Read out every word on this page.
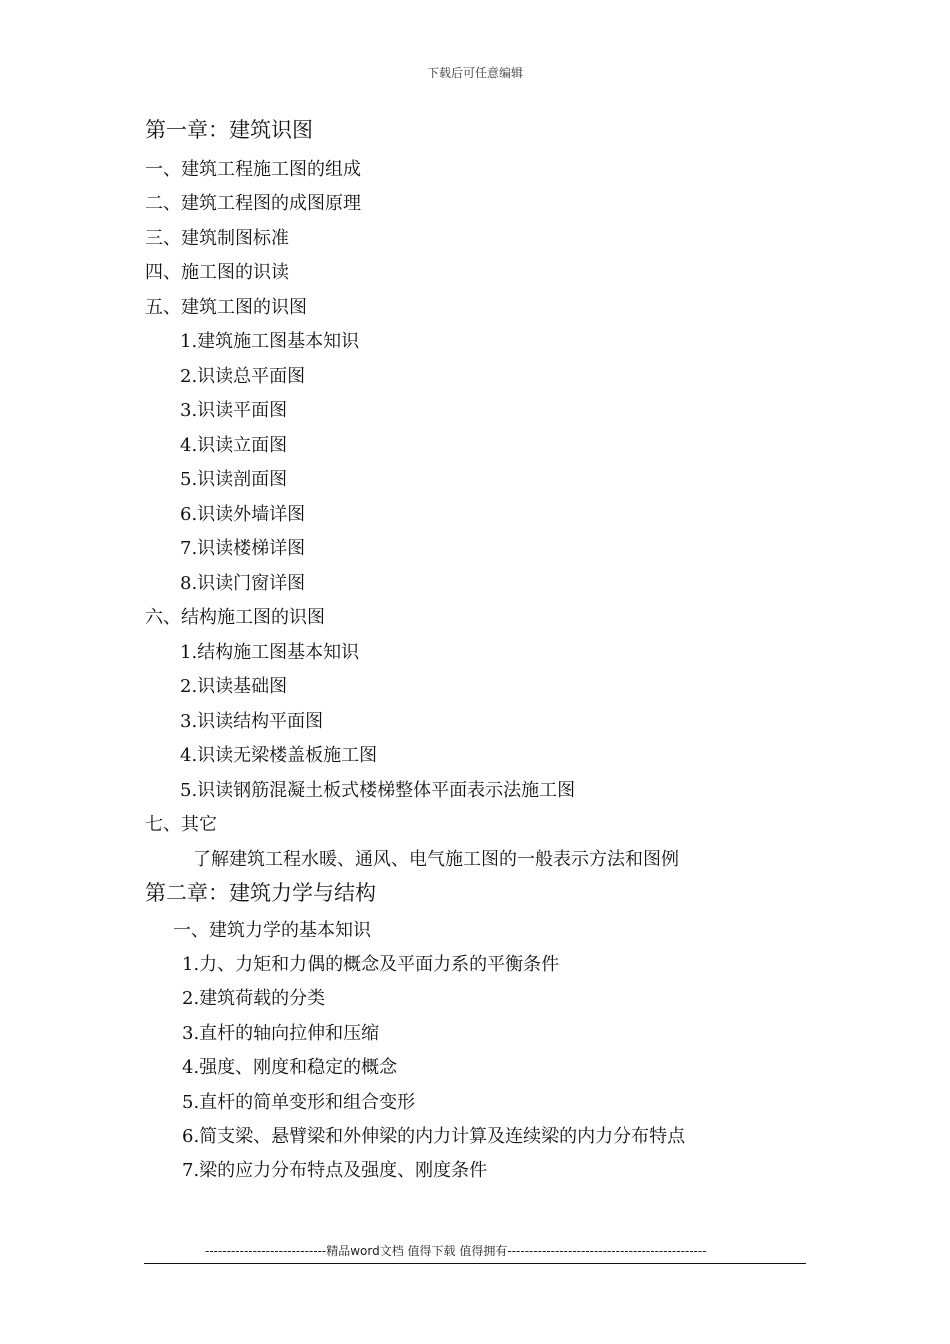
下载后可任意编辑
第一章：建筑识图
一、建筑工程施工图的组成
二、建筑工程图的成图原理
三、建筑制图标准
四、施工图的识读
五、建筑工图的识图
1.建筑施工图基本知识
2.识读总平面图
3.识读平面图
4.识读立面图
5.识读剖面图
6.识读外墙详图
7.识读楼梯详图
8.识读门窗详图
六、结构施工图的识图
1.结构施工图基本知识
2.识读基础图
3.识读结构平面图
4.识读无梁楼盖板施工图
5.识读钢筋混凝土板式楼梯整体平面表示法施工图
七、其它
了解建筑工程水暖、通风、电气施工图的一般表示方法和图例
第二章：建筑力学与结构
一、建筑力学的基本知识
1.力、力矩和力偶的概念及平面力系的平衡条件
2.建筑荷载的分类
3.直杆的轴向拉伸和压缩
4.强度、刚度和稳定的概念
5.直杆的简单变形和组合变形
6.简支梁、悬臂梁和外伸梁的内力计算及连续梁的内力分布特点
7.梁的应力分布特点及强度、刚度条件
----------------------------精品word文档 值得下载 值得拥有----------------------------------------------
